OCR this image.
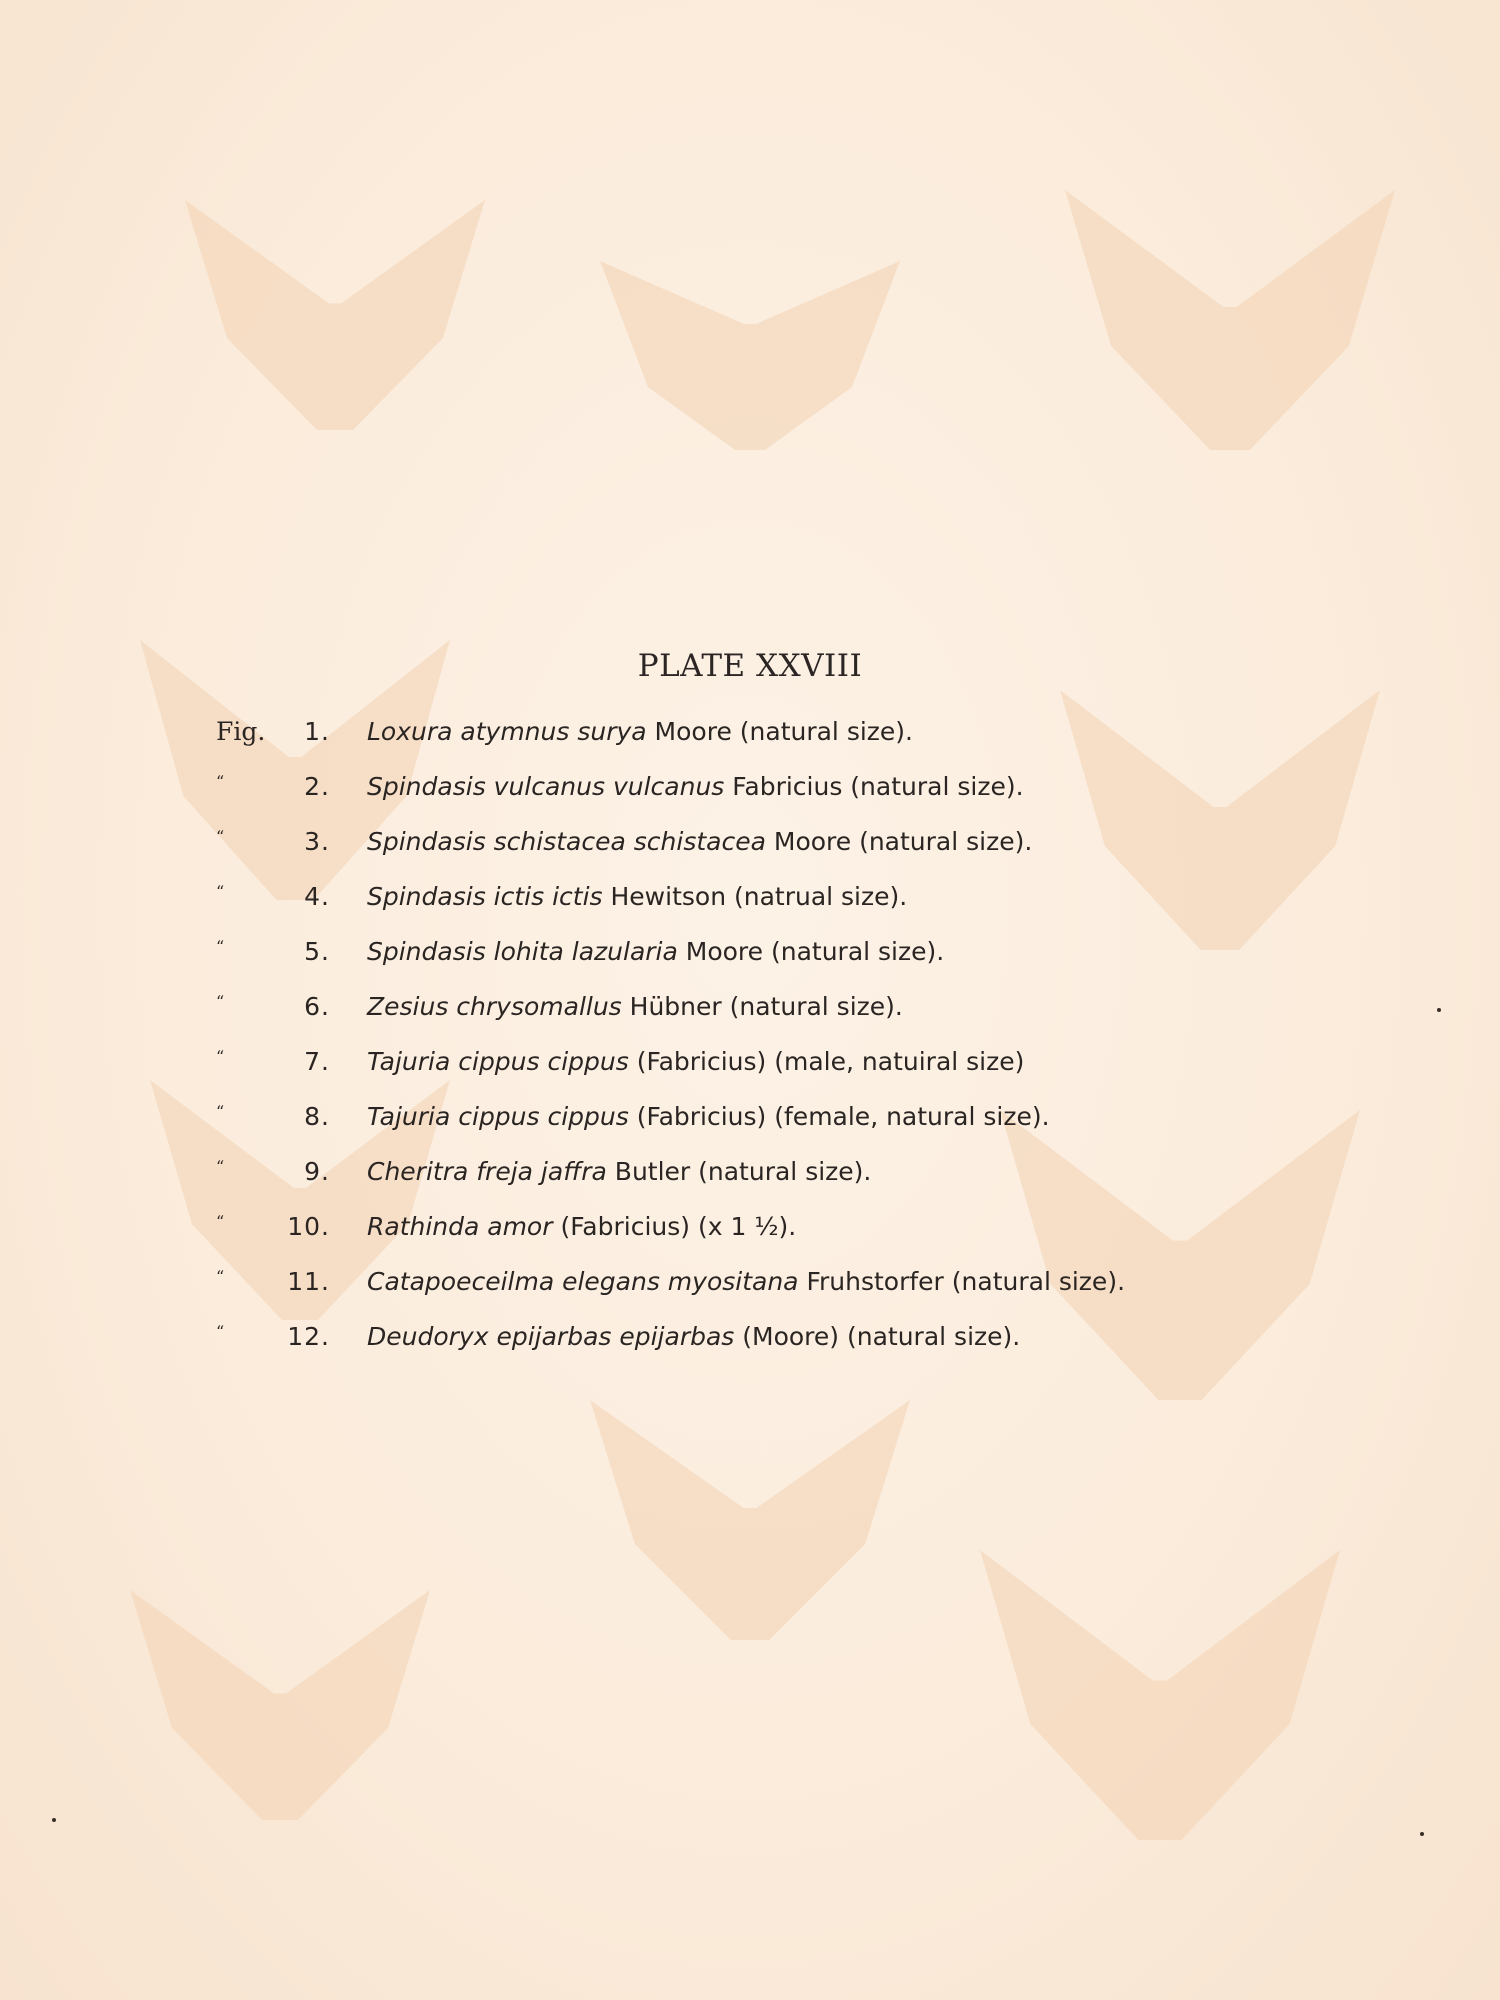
PLATE XXVIII
Fig.	1. Loxura atymnus surya Moore (natural size).
“	2. Spindasis vulcanus vulcanus Fabricius (natural size).
“	3. Spindasis schistacea schistacea Moore (natural size).
“	4. Spindasis ictis ictis Hewitson (natrual size).
“	5. Spindasis lohita lazularia Moore (natural size).
“	6. Zesius chrysomallus Hübner (natural size).
“	7. Tajuria cippus cippus (Fabricius) (male, natuiral size)
“	8. Tajuria cippus cippus (Fabricius) (female, natural size).
“	9. Cheritra freja jaffra Butler (natural size).
“	10. Rathinda amor (Fabricius) (x 1 ½).
“	11. Catapoeceilma elegans myositana Fruhstorfer (natural size).
“	12. Deudoryx epijarbas epijarbas (Moore) (natural size).
